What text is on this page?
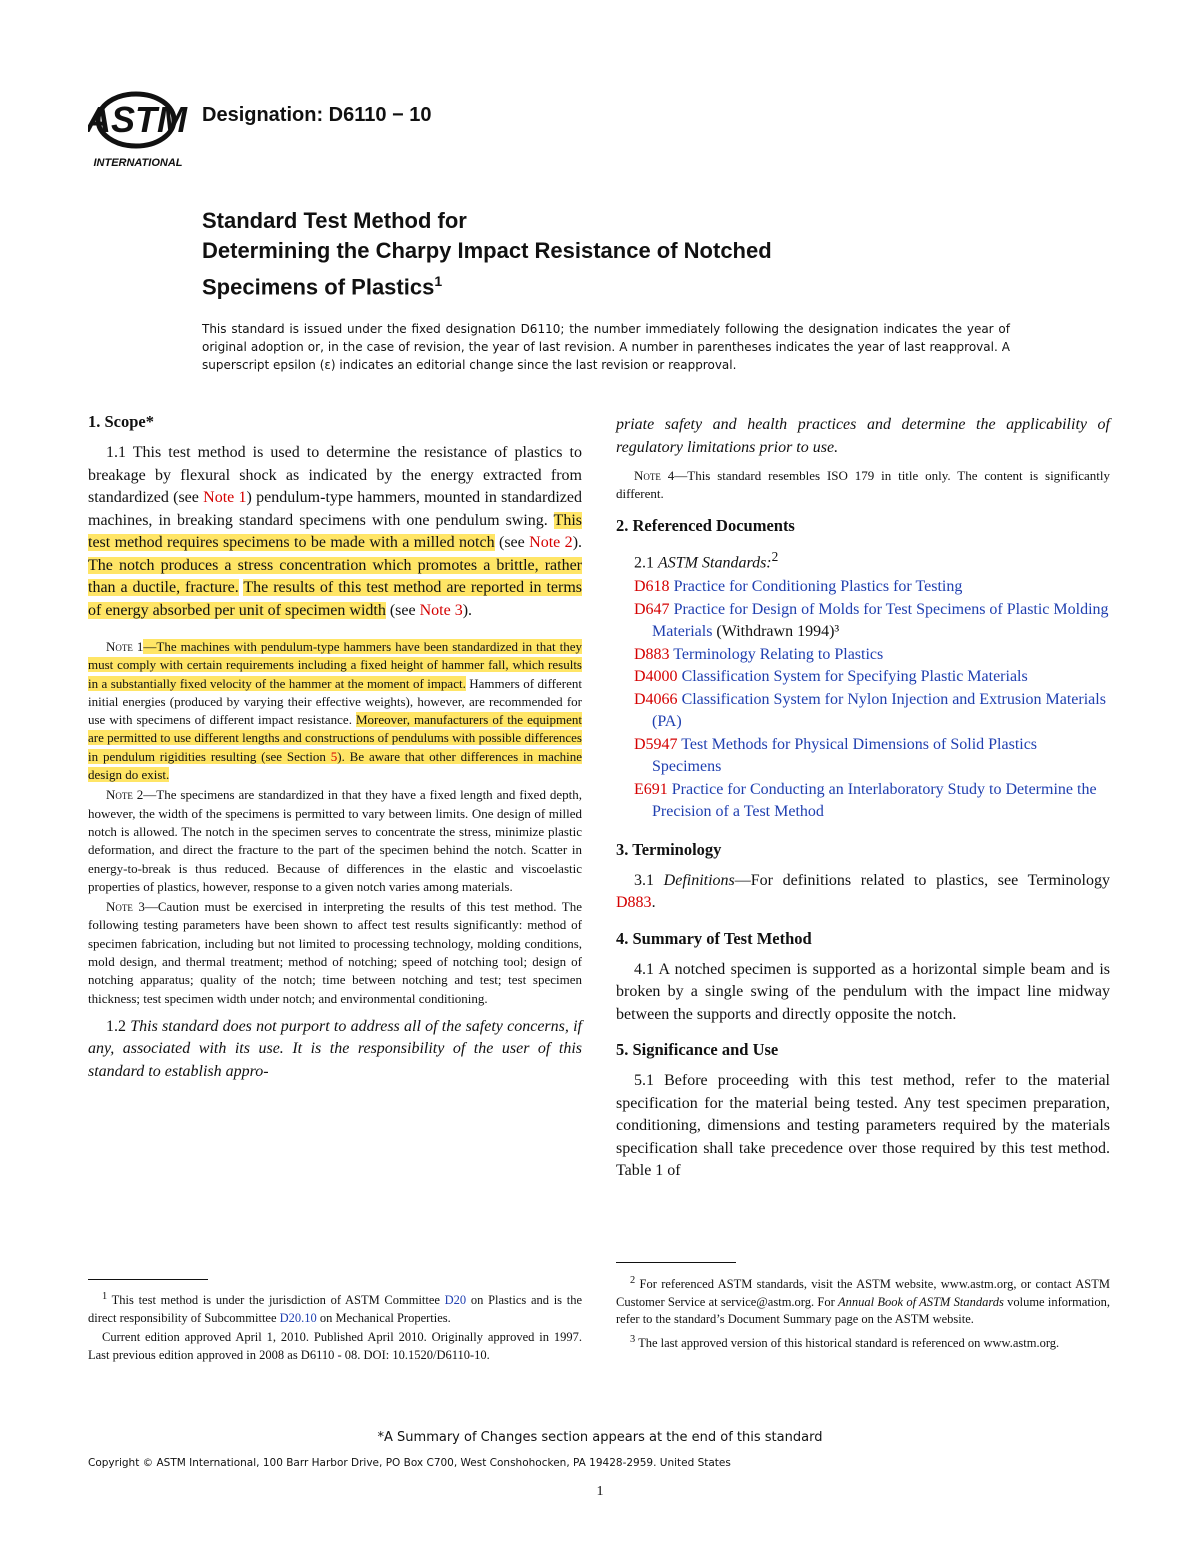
ASTM
INTERNATIONAL
Designation: D6110 − 10
Standard Test Method for
Determining the Charpy Impact Resistance of Notched
Specimens of Plastics$^1$
This standard is issued under the fixed designation D6110; the number immediately following the designation indicates the year of original adoption or, in the case of revision, the year of last revision. A number in parentheses indicates the year of last reapproval. A superscript epsilon (ε) indicates an editorial change since the last revision or reapproval.
1. Scope*

1.1 This test method is used to determine the resistance of plastics to breakage by flexural shock as indicated by the energy extracted from standardized (see Note 1) pendulum-type hammers, mounted in standardized machines, in breaking standard specimens with one pendulum swing. This test method requires specimens to be made with a milled notch (see Note 2). The notch produces a stress concentration which promotes a brittle, rather than a ductile, fracture. The results of this test method are reported in terms of energy absorbed per unit of specimen width (see Note 3).

Note 1—The machines with pendulum-type hammers have been standardized in that they must comply with certain requirements including a fixed height of hammer fall, which results in a substantially fixed velocity of the hammer at the moment of impact. Hammers of different initial energies (produced by varying their effective weights), however, are recommended for use with specimens of different impact resistance. Moreover, manufacturers of the equipment are permitted to use different lengths and constructions of pendulums with possible differences in pendulum rigidities resulting (see Section 5). Be aware that other differences in machine design do exist.

Note 2—The specimens are standardized in that they have a fixed length and fixed depth, however, the width of the specimens is permitted to vary between limits. One design of milled notch is allowed. The notch in the specimen serves to concentrate the stress, minimize plastic deformation, and direct the fracture to the part of the specimen behind the notch. Scatter in energy-to-break is thus reduced. Because of differences in the elastic and viscoelastic properties of plastics, however, response to a given notch varies among materials.

Note 3—Caution must be exercised in interpreting the results of this test method. The following testing parameters have been shown to affect test results significantly: method of specimen fabrication, including but not limited to processing technology, molding conditions, mold design, and thermal treatment; method of notching; speed of notching tool; design of notching apparatus; quality of the notch; time between notching and test; test specimen thickness; test specimen width under notch; and environmental conditioning.

1.2 This standard does not purport to address all of the safety concerns, if any, associated with its use. It is the responsibility of the user of this standard to establish appro-

$^1$ This test method is under the jurisdiction of ASTM Committee D20 on Plastics and is the direct responsibility of Subcommittee D20.10 on Mechanical Properties.

Current edition approved April 1, 2010. Published April 2010. Originally approved in 1997. Last previous edition approved in 2008 as D6110 - 08. DOI: 10.1520/D6110-10.

priate safety and health practices and determine the applicability of regulatory limitations prior to use.

Note 4—This standard resembles ISO 179 in title only. The content is significantly different.

2. Referenced Documents

2.1 ASTM Standards:$^2$

D618 Practice for Conditioning Plastics for Testing

D647 Practice for Design of Molds for Test Specimens of Plastic Molding Materials (Withdrawn 1994)³

D883 Terminology Relating to Plastics

D4000 Classification System for Specifying Plastic Materials

D4066 Classification System for Nylon Injection and Extrusion Materials (PA)

D5947 Test Methods for Physical Dimensions of Solid Plastics Specimens

E691 Practice for Conducting an Interlaboratory Study to Determine the Precision of a Test Method

3. Terminology

3.1 Definitions—For definitions related to plastics, see Terminology D883.

4. Summary of Test Method

4.1 A notched specimen is supported as a horizontal simple beam and is broken by a single swing of the pendulum with the impact line midway between the supports and directly opposite the notch.

5. Significance and Use

5.1 Before proceeding with this test method, refer to the material specification for the material being tested. Any test specimen preparation, conditioning, dimensions and testing parameters required by the materials specification shall take precedence over those required by this test method. Table 1 of

$^2$ For referenced ASTM standards, visit the ASTM website, www.astm.org, or contact ASTM Customer Service at service@astm.org. For Annual Book of ASTM Standards volume information, refer to the standard’s Document Summary page on the ASTM website.

$^3$ The last approved version of this historical standard is referenced on www.astm.org.

*A Summary of Changes section appears at the end of this standard
Copyright © ASTM International, 100 Barr Harbor Drive, PO Box C700, West Conshohocken, PA 19428-2959. United States
1
